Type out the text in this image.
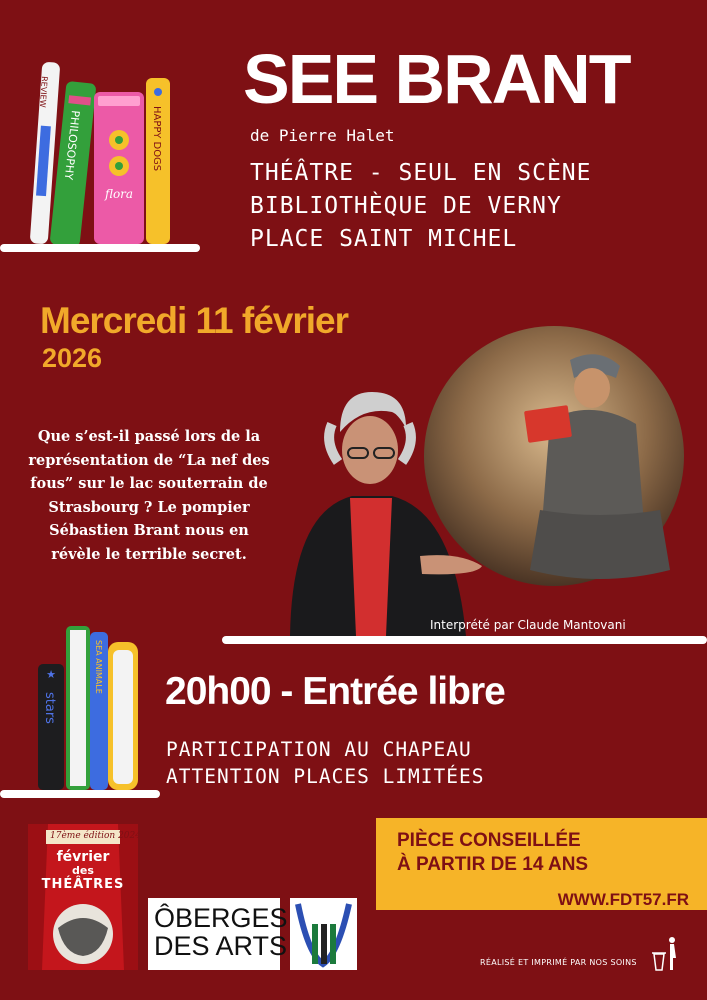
REVIEW
PHILOSOPHY
flora
HAPPY DOGS
SEE BRANT
de Pierre Halet
THÉÂTRE - SEUL EN SCÈNE
BIBLIOTHÈQUE DE VERNY
PLACE SAINT MICHEL
Mercredi 11 février
2026
Que s’est-il passé lors de la représentation de “La nef des fous” sur le lac souterrain de Strasbourg ? Le pompier Sébastien Brant nous en révèle le terrible secret.
Interprété par Claude Mantovani
★
stars
SEA ANIMALE 20h00 - Entrée libre
PARTICIPATION AU CHAPEAU
ATTENTION PLACES LIMITÉES
PIÈCE CONSEILLÉE
À PARTIR DE 14 ANS
WWW.FDT57.FR
17ème édition 2024
février
des
THÉÂTRES
ÔBERGES
DES ARTS
RÉALISÉ ET IMPRIMÉ PAR NOS SOINS
